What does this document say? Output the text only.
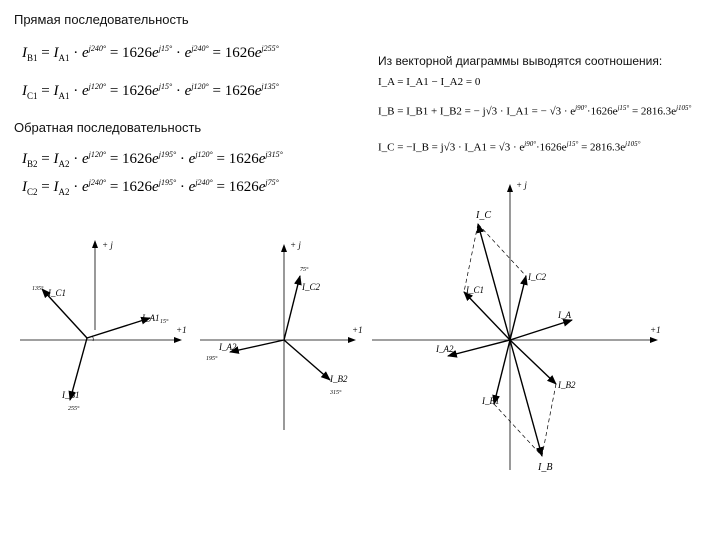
Прямая последовательность
$I_{B1} = I_{A1} \cdot e^{j240^\circ} = 1626e^{j15^\circ} \cdot e^{j240^\circ} = 1626e^{j255^\circ}$
$I_{C1} = I_{A1} \cdot e^{j120^\circ} = 1626e^{j15^\circ} \cdot e^{j120^\circ} = 1626e^{j135^\circ}$
Обратная последовательность
$I_{B2} = I_{A2} \cdot e^{j120^\circ} = 1626e^{j195^\circ} \cdot e^{j120^\circ} = 1626e^{j315^\circ}$
$I_{C2} = I_{A2} \cdot e^{j240^\circ} = 1626e^{j195^\circ} \cdot e^{j240^\circ} = 1626e^{j75^\circ}$
Из векторной диаграммы выводятся соотношения:
I_A = I_A1 − I_A2 = 0
I_B = I_B1 + I_B2 = − j√3 · I_A1 = − $√3 \cdot e^{j90^\circ}\cdot 1626e^{j15^\circ} = 2816.3e^{j105^\circ}$
I_C = −I_B = j√3 · I_A1 = $√3 \cdot e^{j90^\circ}\cdot 1626e^{j15^\circ} = 2816.3e^{j105^\circ}$
+ j
+1
I_A1 15°
I_C1
135°
I_B1
255°
+ j
+1
I_C2
75°
I_A2
195°
I_B2
315°
+ j
+1
I_C
I_C1
I_C2
I_A
I_A2
I_B2
I_B1
I_B
